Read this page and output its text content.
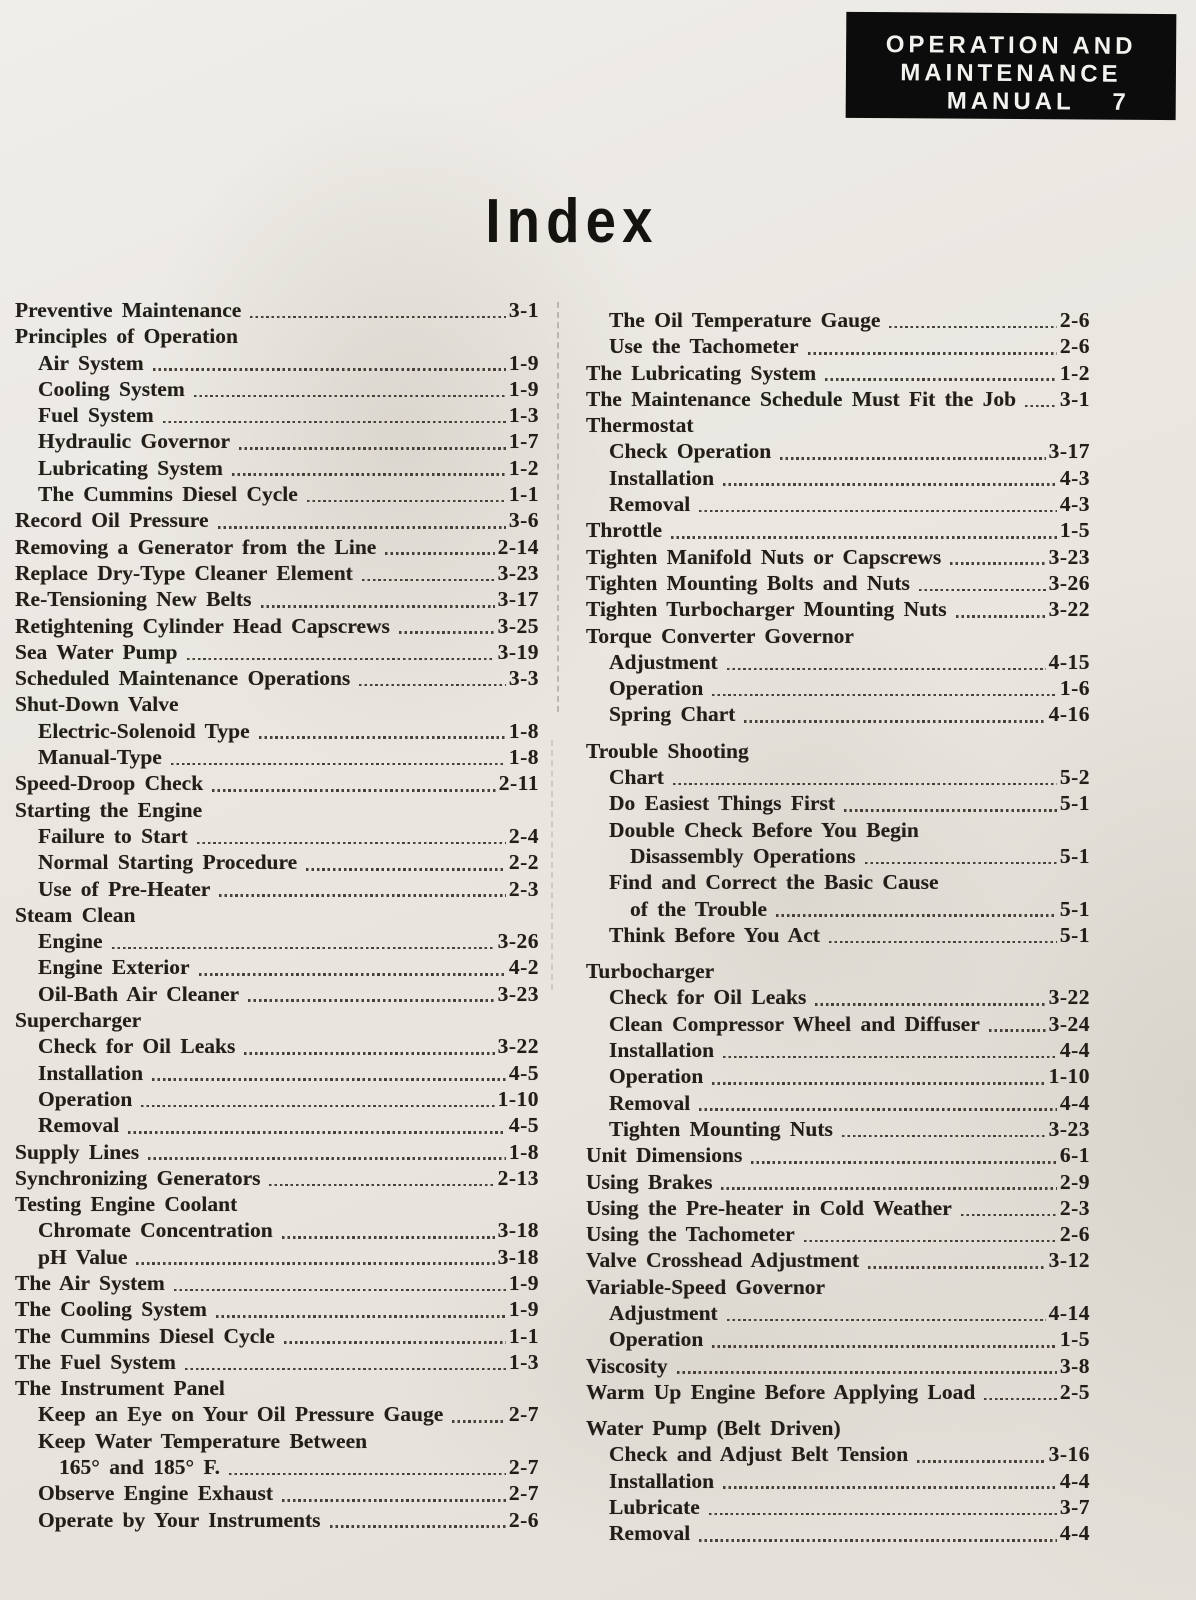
OPERATION AND
MAINTENANCE
MANUAL 7
Index
Preventive Maintenance	3-1
Principles of Operation
Air System	1-9
Cooling System	1-9
Fuel System	1-3
Hydraulic Governor	1-7
Lubricating System	1-2
The Cummins Diesel Cycle	1-1
Record Oil Pressure	3-6
Removing a Generator from the Line	2-14
Replace Dry-Type Cleaner Element	3-23
Re-Tensioning New Belts	3-17
Retightening Cylinder Head Capscrews	3-25
Sea Water Pump	3-19
Scheduled Maintenance Operations	3-3
Shut-Down Valve
Electric-Solenoid Type	1-8
Manual-Type	1-8
Speed-Droop Check	2-11
Starting the Engine
Failure to Start	2-4
Normal Starting Procedure	2-2
Use of Pre-Heater	2-3
Steam Clean
Engine	3-26
Engine Exterior	4-2
Oil-Bath Air Cleaner	3-23
Supercharger
Check for Oil Leaks	3-22
Installation	4-5
Operation	1-10
Removal	4-5
Supply Lines	1-8
Synchronizing Generators	2-13
Testing Engine Coolant
Chromate Concentration	3-18
pH Value	3-18
The Air System	1-9
The Cooling System	1-9
The Cummins Diesel Cycle	1-1
The Fuel System	1-3
The Instrument Panel
Keep an Eye on Your Oil Pressure Gauge	2-7
Keep Water Temperature Between
165° and 185° F.	2-7
Observe Engine Exhaust	2-7
Operate by Your Instruments	2-6
The Oil Temperature Gauge	2-6
Use the Tachometer	2-6
The Lubricating System	1-2
The Maintenance Schedule Must Fit the Job 3-1
Thermostat
Check Operation	3-17
Installation	4-3
Removal	4-3
Throttle	1-5
Tighten Manifold Nuts or Capscrews	3-23
Tighten Mounting Bolts and Nuts	3-26
Tighten Turbocharger Mounting Nuts	3-22
Torque Converter Governor
Adjustment	4-15
Operation	1-6
Spring Chart	4-16
Trouble Shooting
Chart	5-2
Do Easiest Things First	5-1
Double Check Before You Begin
Disassembly Operations	5-1
Find and Correct the Basic Cause
of the Trouble	5-1
Think Before You Act	5-1
Turbocharger
Check for Oil Leaks	3-22
Clean Compressor Wheel and Diffuser	3-24
Installation	4-4
Operation	1-10
Removal	4-4
Tighten Mounting Nuts	3-23
Unit Dimensions	6-1
Using Brakes	2-9
Using the Pre-heater in Cold Weather	2-3
Using the Tachometer	2-6
Valve Crosshead Adjustment	3-12
Variable-Speed Governor
Adjustment	4-14
Operation	1-5
Viscosity	3-8
Warm Up Engine Before Applying Load	2-5
Water Pump (Belt Driven)
Check and Adjust Belt Tension	3-16
Installation	4-4
Lubricate	3-7
Removal	4-4
